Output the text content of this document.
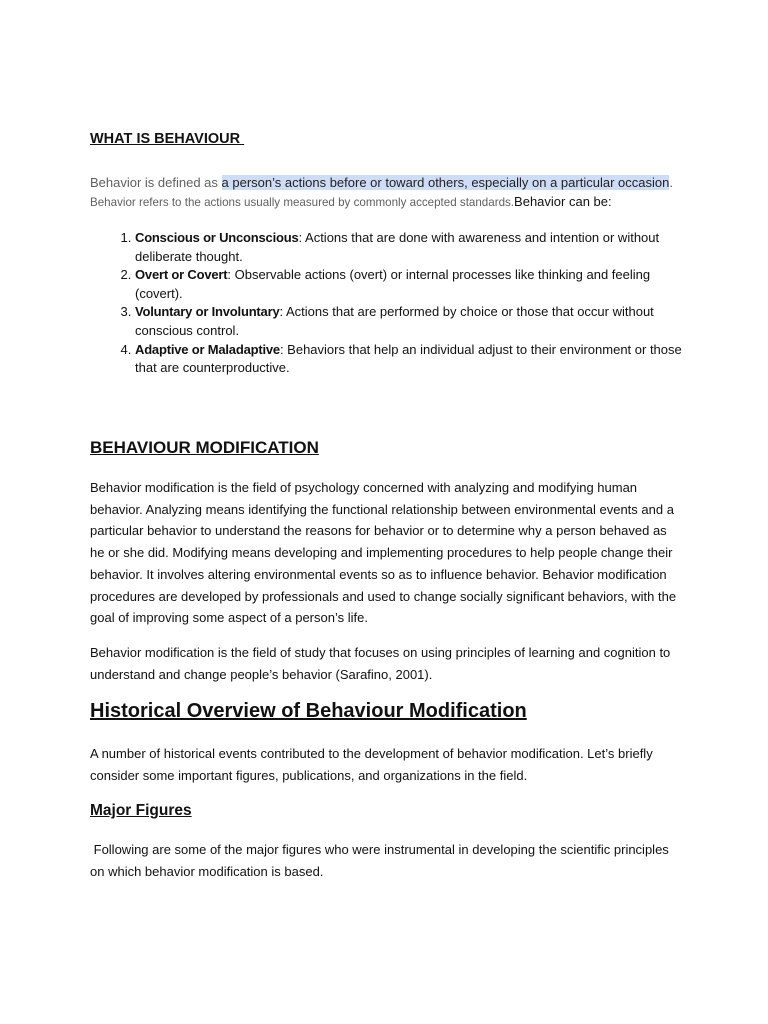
WHAT IS BEHAVIOUR

Behavior is defined as a person’s actions before or toward others, especially on a particular occasion.
Behavior refers to the actions usually measured by commonly accepted standards.Behavior can be:
1. Conscious or Unconscious: Actions that are done with awareness and intention or without deliberate thought.
2. Overt or Covert: Observable actions (overt) or internal processes like thinking and feeling (covert).
3. Voluntary or Involuntary: Actions that are performed by choice or those that occur without conscious control.
4. Adaptive or Maladaptive: Behaviors that help an individual adjust to their environment or those that are counterproductive.
BEHAVIOUR MODIFICATION

Behavior modification is the field of psychology concerned with analyzing and modifying human behavior. Analyzing means identifying the functional relationship between environmental events and a particular behavior to understand the reasons for behavior or to determine why a person behaved as he or she did. Modifying means developing and implementing procedures to help people change their behavior. It involves altering environmental events so as to influence behavior. Behavior modification procedures are developed by professionals and used to change socially significant behaviors, with the goal of improving some aspect of a person’s life.

Behavior modification is the field of study that focuses on using principles of learning and cognition to understand and change people’s behavior (Sarafino, 2001).

Historical Overview of Behaviour Modification

A number of historical events contributed to the development of behavior modification. Let’s briefly consider some important figures, publications, and organizations in the field.

Major Figures

Following are some of the major figures who were instrumental in developing the scientific principles on which behavior modification is based.
